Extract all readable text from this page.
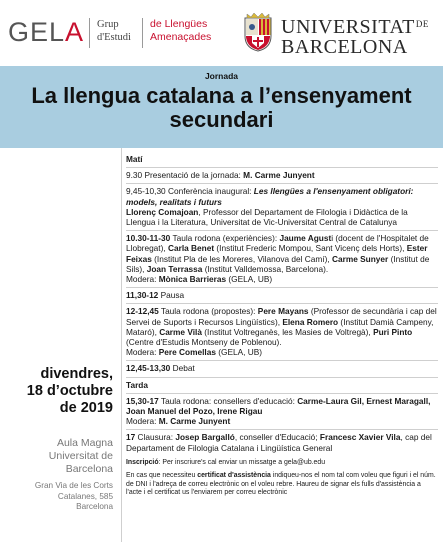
GELA Grup
d'Estudi
de Llengües
Amenaçades	$UNIVERSITAT^{DE}$
BARCELONA
Jornada
La llengua catalana a l’ensenyament secundari
divendres,
18 d’octubre
de 2019
Aula Magna
Universitat de
Barcelona
Gran Via de les Corts
Catalanes, 585
Barcelona
Matí
9.30 Presentació de la jornada: M. Carme Junyent
9,45-10,30 Conferència inaugural: Les llengües a l'ensenyament obligatori: models, realitats i futurs
Llorenç Comajoan, Professor del Departament de Filologia i Didàctica de la Llengua i la Literatura, Universitat de Vic-Universitat Central de Catalunya
10.30-11-30 Taula rodona (experiències): Jaume Agusti (docent de l'Hospitalet de Llobregat), Carla Benet (Institut Frederic Mompou, Sant Vicenç dels Horts), Ester Feixas (Institut Pla de les Moreres, Vilanova del Camí), Carme Sunyer (Institut de Sils), Joan Terrassa (Institut Valldemossa, Barcelona).
Modera: Mònica Barrieras (GELA, UB)
11,30-12 Pausa
12-12,45 Taula rodona (propostes): Pere Mayans (Professor de secundària i cap del Servei de Suports i Recursos Lingüístics), Elena Romero (Institut Damià Campeny, Mataró), Carme Vilà (Institut Voltreganès, les Masies de Voltregà), Puri Pinto (Centre d'Estudis Montseny de Poblenou).
Modera: Pere Comellas (GELA, UB)
12,45-13,30 Debat
Tarda
15,30-17 Taula rodona: consellers d'educació: Carme-Laura Gil, Ernest Maragall, Joan Manuel del Pozo, Irene Rigau
Modera: M. Carme Junyent
17 Clausura: Josep Bargalló, conseller d'Educació; Francesc Xavier Vila, cap del Departament de Filologia Catalana i Lingüística General
Inscripció: Per inscriure's cal enviar un missatge a gela@ub.edu
En cas que necessiteu certificat d'assistència indiqueu-nos el nom tal com voleu que figuri i el núm. de DNI i l'adreça de correu electrònic on el voleu rebre. Haureu de signar els fulls d'assistència a l'acte i el certificat us l'enviarem per correu electrònic
